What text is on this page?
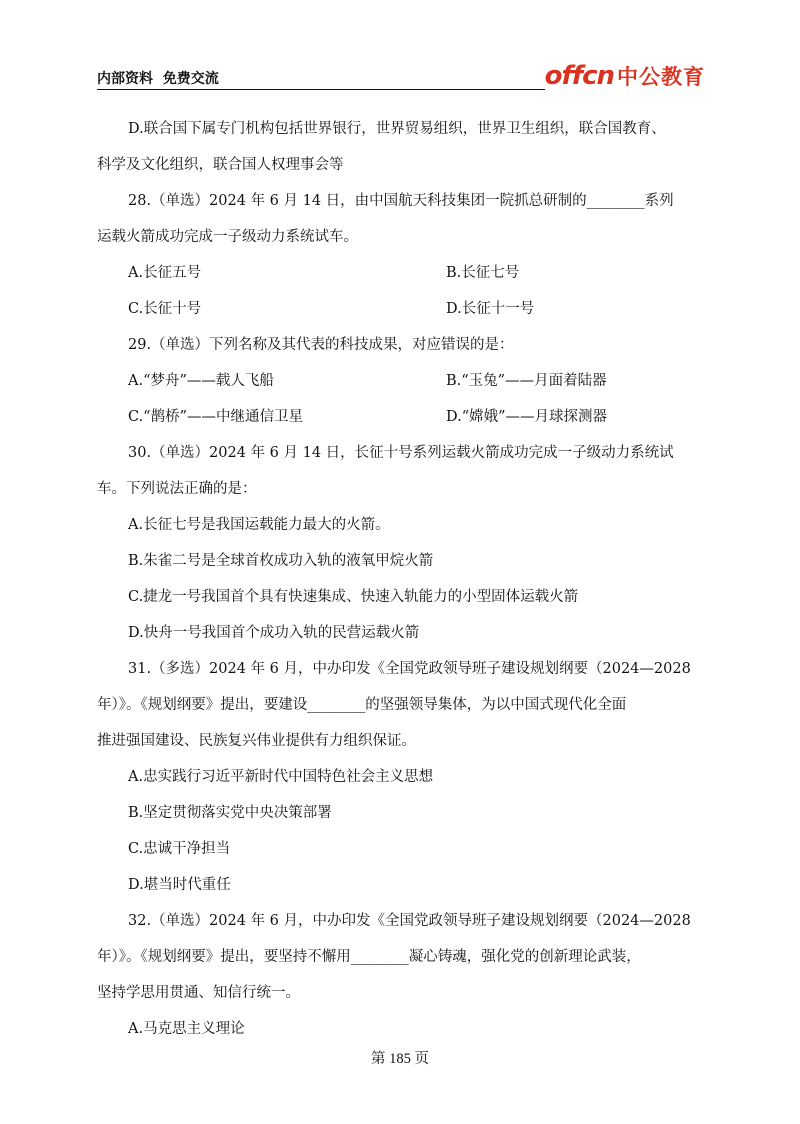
内部资料  免费交流	offcn 中公教育
D.联合国下属专门机构包括世界银行，世界贸易组织，世界卫生组织，联合国教育、
科学及文化组织，联合国人权理事会等
28.（单选）2024 年 6 月 14 日，由中国航天科技集团一院抓总研制的________系列
运载火箭成功完成一子级动力系统试车。
A.长征五号	B.长征七号
C.长征十号	D.长征十一号
29.（单选）下列名称及其代表的科技成果，对应错误的是：
A.“梦舟”——载人飞船	B.“玉兔”——月面着陆器
C.“鹊桥”——中继通信卫星	D.“嫦娥”——月球探测器
30.（单选）2024 年 6 月 14 日，长征十号系列运载火箭成功完成一子级动力系统试
车。下列说法正确的是：
A.长征七号是我国运载能力最大的火箭。
B.朱雀二号是全球首枚成功入轨的液氧甲烷火箭
C.捷龙一号我国首个具有快速集成、快速入轨能力的小型固体运载火箭
D.快舟一号我国首个成功入轨的民营运载火箭
31.（多选）2024 年 6 月，中办印发《全国党政领导班子建设规划纲要（2024—2028
年）》。《规划纲要》提出，要建设________的坚强领导集体，为以中国式现代化全面
推进强国建设、民族复兴伟业提供有力组织保证。
A.忠实践行习近平新时代中国特色社会主义思想
B.坚定贯彻落实党中央决策部署
C.忠诚干净担当
D.堪当时代重任
32.（单选）2024 年 6 月，中办印发《全国党政领导班子建设规划纲要（2024—2028
年）》。《规划纲要》提出，要坚持不懈用________凝心铸魂，强化党的创新理论武装，
坚持学思用贯通、知信行统一。
A.马克思主义理论
第 185 页
